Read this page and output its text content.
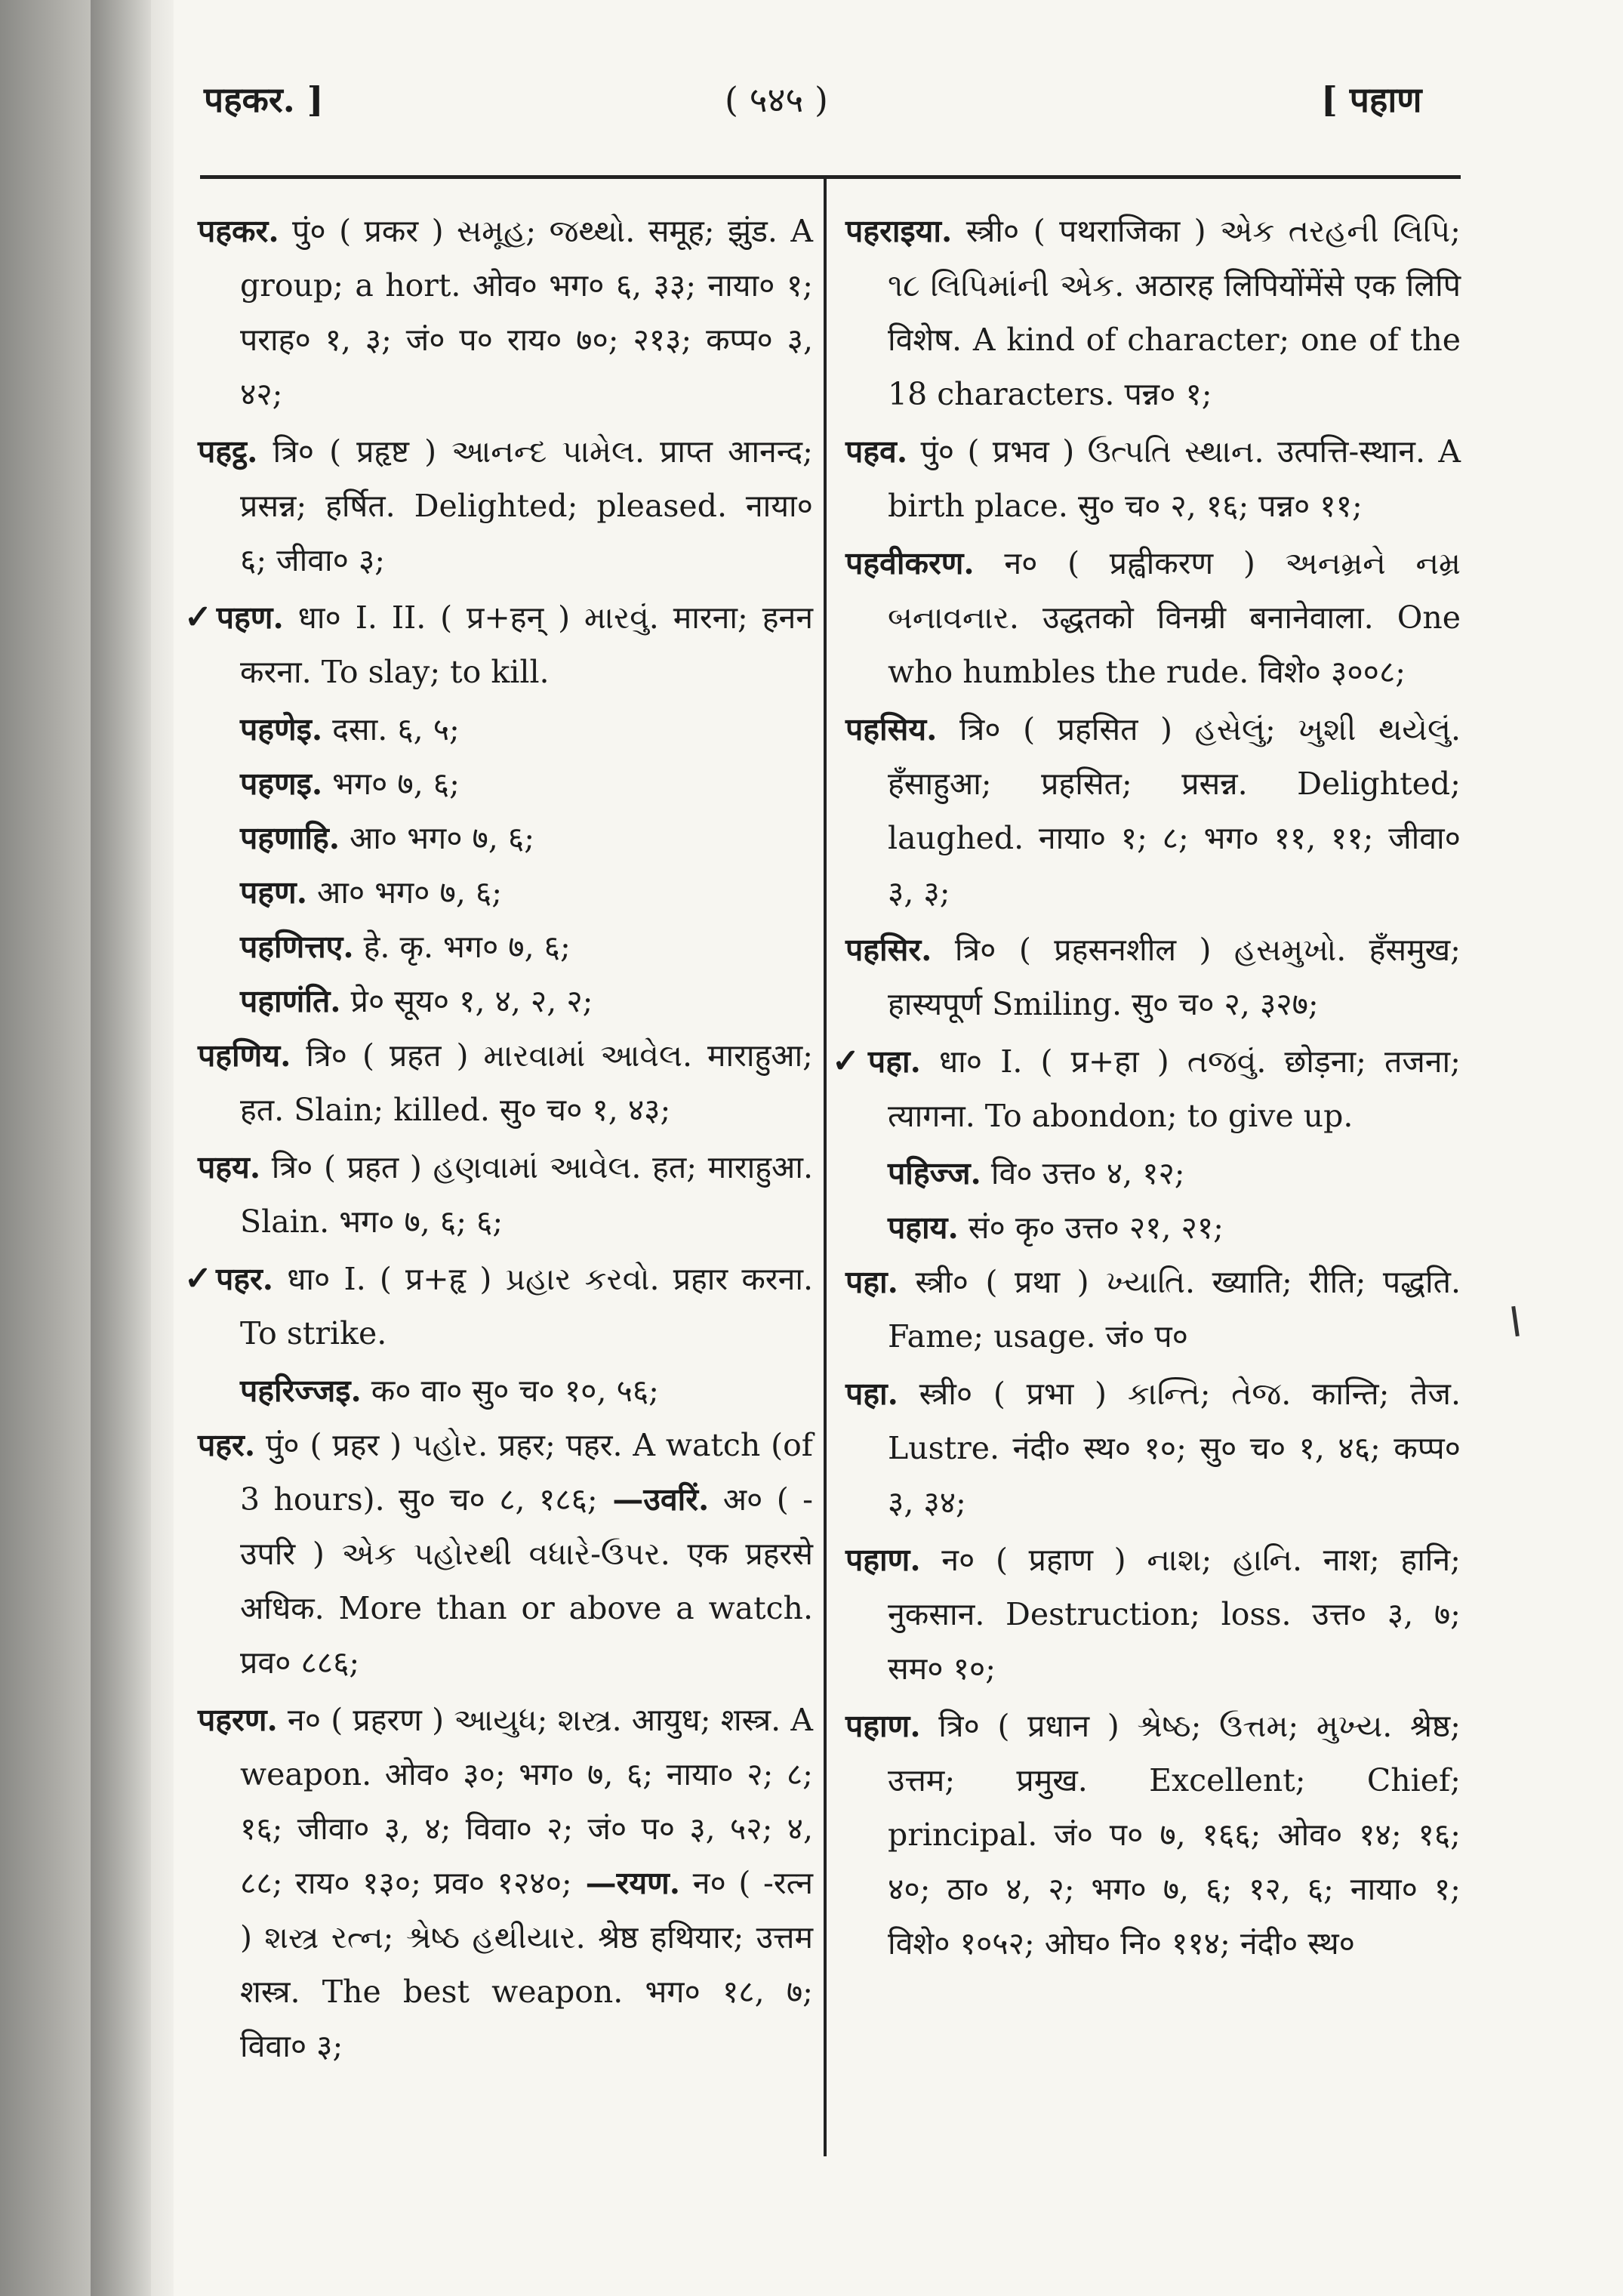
पहकर. ]	( ५४५ )	[ पहाण

पहकर. पुं० ( प्रकर ) સમૂહ; જથ્થો. समूह; झुंड. A group; a hort. ओव० भग० ६, ३३; नाया० १; पराह० १, ३; जं० प० राय० ७०; २१३; कप्प० ३, ४२;

पहट्ठ. त्रि० ( प्रहृष्ट ) આનન્દ પામેલ. प्राप्त आनन्द; प्रसन्न; हर्षित. Delighted; pleased. नाया० ६; जीवा० ३;

✓पहण. धा० I. II. ( प्र+हन् ) મારવું. मारना; हनन करना. To slay; to kill.

पहणेइ. दसा. ६, ५;

पहणइ. भग० ७, ६;

पहणाहि. आ० भग० ७, ६;

पहण. आ० भग० ७, ६;

पहणित्तए. हे. कृ. भग० ७, ६;

पहाणंति. प्रे० सूय० १, ४, २, २;

पहणिय. त्रि० ( प्रहत ) મારવામાં આવેલ. माराहुआ; हत. Slain; killed. सु० च० १, ४३;

पहय. त्रि० ( प्रहत ) હણવામાં આવેલ. हत; माराहुआ. Slain. भग० ७, ६; ६;

✓पहर. धा० I. ( प्र+हृ ) પ્રહાર કરવો. प्रहार करना. To strike.

पहरिज्जइ. क० वा० सु० च० १०, ५६;

पहर. पुं० ( प्रहर ) પહોર. प्रहर; पहर. A watch (of 3 hours). सु० च० ८, १८६; —उवरिं. अ० ( -उपरि ) એક પહોરથી વધારે-ઉપર. एक प्रहरसे अधिक. More than or above a watch. प्रव० ८८६;

पहरण. न० ( प्रहरण ) આયુધ; શસ્ત્ર. आयुध; शस्त्र. A weapon. ओव० ३०; भग० ७, ६; नाया० २; ८; १६; जीवा० ३, ४; विवा० २; जं० प० ३, ५२; ४, ८८; राय० १३०; प्रव० १२४०; —रयण. न० ( -रत्न ) શસ્ત્ર રત્ન; શ્રેષ્ઠ હથીયાર. श्रेष्ठ हथियार; उत्तम शस्त्र. The best weapon. भग० १८, ७; विवा० ३;

पहराइया. स्त्री० ( पथराजिका ) એક તરહની લિપિ; ૧૮ લિપિમાંની એક. अठारह लिपियोंमेंसे एक लिपि विशेष. A kind of character; one of the 18 characters. पन्न० १;

पहव. पुं० ( प्रभव ) ઉત્પતિ સ્થાન. उत्पत्ति-स्थान. A birth place. सु० च० २, १६; पन्न० ११;

पहवीकरण. न० ( प्रह्वीकरण ) અનમ્રને નમ્ર બનાવનાર. उद्धतको विनम्री बनानेवाला. One who humbles the rude. विशे० ३००८;

पहसिय. त्रि० ( प्रहसित ) હસેલું; ખુશી થયેલું. हँसाहुआ; प्रहसित; प्रसन्न. Delighted; laughed. नाया० १; ८; भग० ११, ११; जीवा० ३, ३;

पहसिर. त्रि० ( प्रहसनशील ) હસમુખો. हँसमुख; हास्यपूर्ण Smiling. सु० च० २, ३२७;

✓पहा. धा० I. ( प्र+हा ) તજવું. छोड़ना; तजना; त्यागना. To abondon; to give up.

पहिज्ज. वि० उत्त० ४, १२;

पहाय. सं० कृ० उत्त० २१, २१;

पहा. स्त्री० ( प्रथा ) ખ્યાતિ. ख्याति; रीति; पद्धति. Fame; usage. जं० प०

पहा. स्त्री० ( प्रभा ) કાન્તિ; તેજ. कान्ति; तेज. Lustre. नंदी० स्थ० १०; सु० च० १, ४६; कप्प० ३, ३४;

पहाण. न० ( प्रहाण ) નાશ; હાનિ. नाश; हानि; नुकसान. Destruction; loss. उत्त० ३, ७; सम० १०;

पहाण. त्रि० ( प्रधान ) શ્રેષ્ઠ; ઉત્તમ; મુખ્ય. श्रेष्ठ; उत्तम; प्रमुख. Excellent; Chief; principal. जं० प० ७, १६६; ओव० १४; १६; ४०; ठा० ४, २; भग० ७, ६; १२, ६; नाया० १; विशे० १०५२; ओघ० नि० ११४; नंदी० स्थ०
